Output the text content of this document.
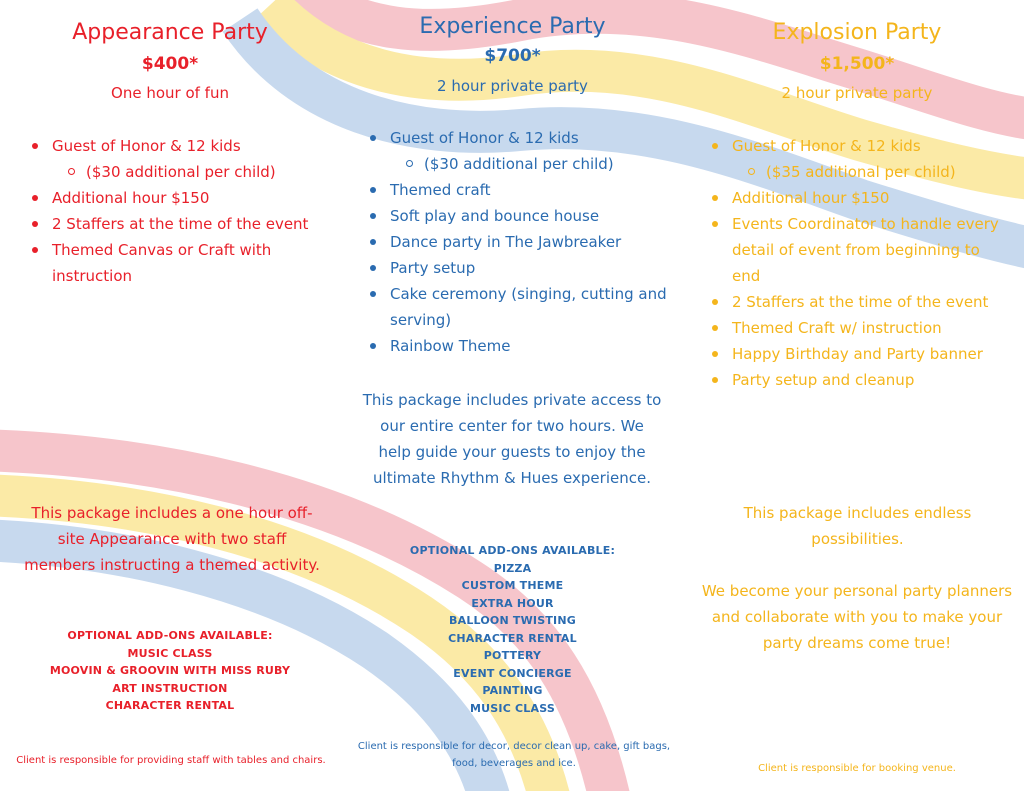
Appearance Party
$400*
One hour of fun
Guest of Honor & 12 kids
($30 additional per child)
Additional hour $150
2 Staffers at the time of the event
Themed Canvas or Craft with instruction
This package includes a one hour off-site Appearance with two staff members instructing a themed activity.
OPTIONAL ADD-ONS AVAILABLE:
MUSIC CLASS
MOOVIN & GROOVIN WITH MISS RUBY
ART INSTRUCTION
CHARACTER RENTAL
Client is responsible for providing staff with tables and chairs.
Experience Party
$700*
2 hour private party
Guest of Honor & 12 kids
($30 additional per child)
Themed craft
Soft play and bounce house
Dance party in The Jawbreaker
Party setup
Cake ceremony (singing, cutting and serving)
Rainbow Theme
This package includes private access to our entire center for two hours. We help guide your guests to enjoy the ultimate Rhythm & Hues experience.
OPTIONAL ADD-ONS AVAILABLE:
PIZZA
CUSTOM THEME
EXTRA HOUR
BALLOON TWISTING
CHARACTER RENTAL
POTTERY
EVENT CONCIERGE
PAINTING
MUSIC CLASS
Client is responsible for decor, decor clean up, cake, gift bags, food, beverages and ice.
Explosion Party
$1,500*
2 hour private party
Guest of Honor & 12 kids
($35 additional per child)
Additional hour $150
Events Coordinator to handle every detail of event from beginning to end
2 Staffers at the time of the event
Themed Craft w/ instruction
Happy Birthday and Party banner
Party setup and cleanup
This package includes endless possibilities.
We become your personal party planners and collaborate with you to make your party dreams come true!
Client is responsible for booking venue.
